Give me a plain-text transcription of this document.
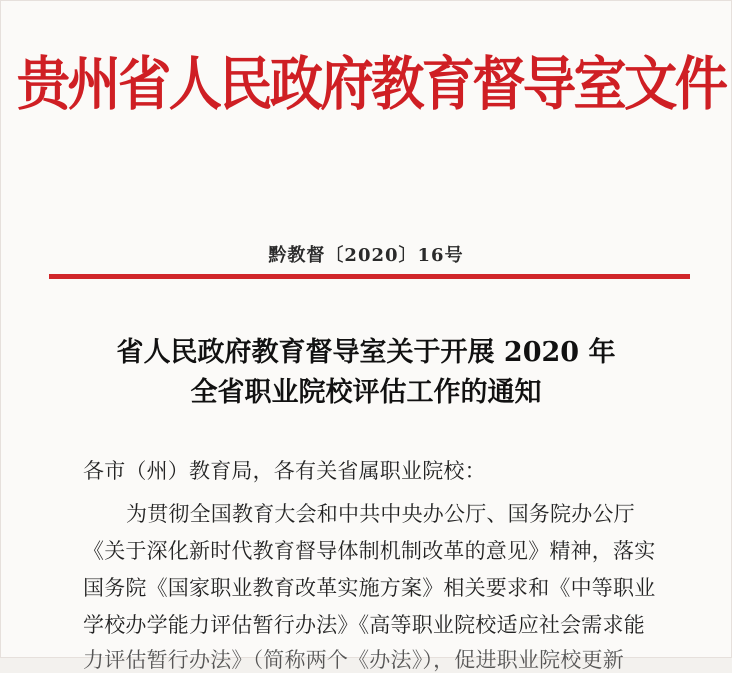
贵州省人民政府教育督导室文件
黔教督〔2020〕16号
省人民政府教育督导室关于开展 2020 年
全省职业院校评估工作的通知
各市（州）教育局，各有关省属职业院校：
为贯彻全国教育大会和中共中央办公厅、国务院办公厅
《关于深化新时代教育督导体制机制改革的意见》精神，落实
国务院《国家职业教育改革实施方案》相关要求和《中等职业
学校办学能力评估暂行办法》《高等职业院校适应社会需求能
力评估暂行办法》（简称两个《办法》），促进职业院校更新
